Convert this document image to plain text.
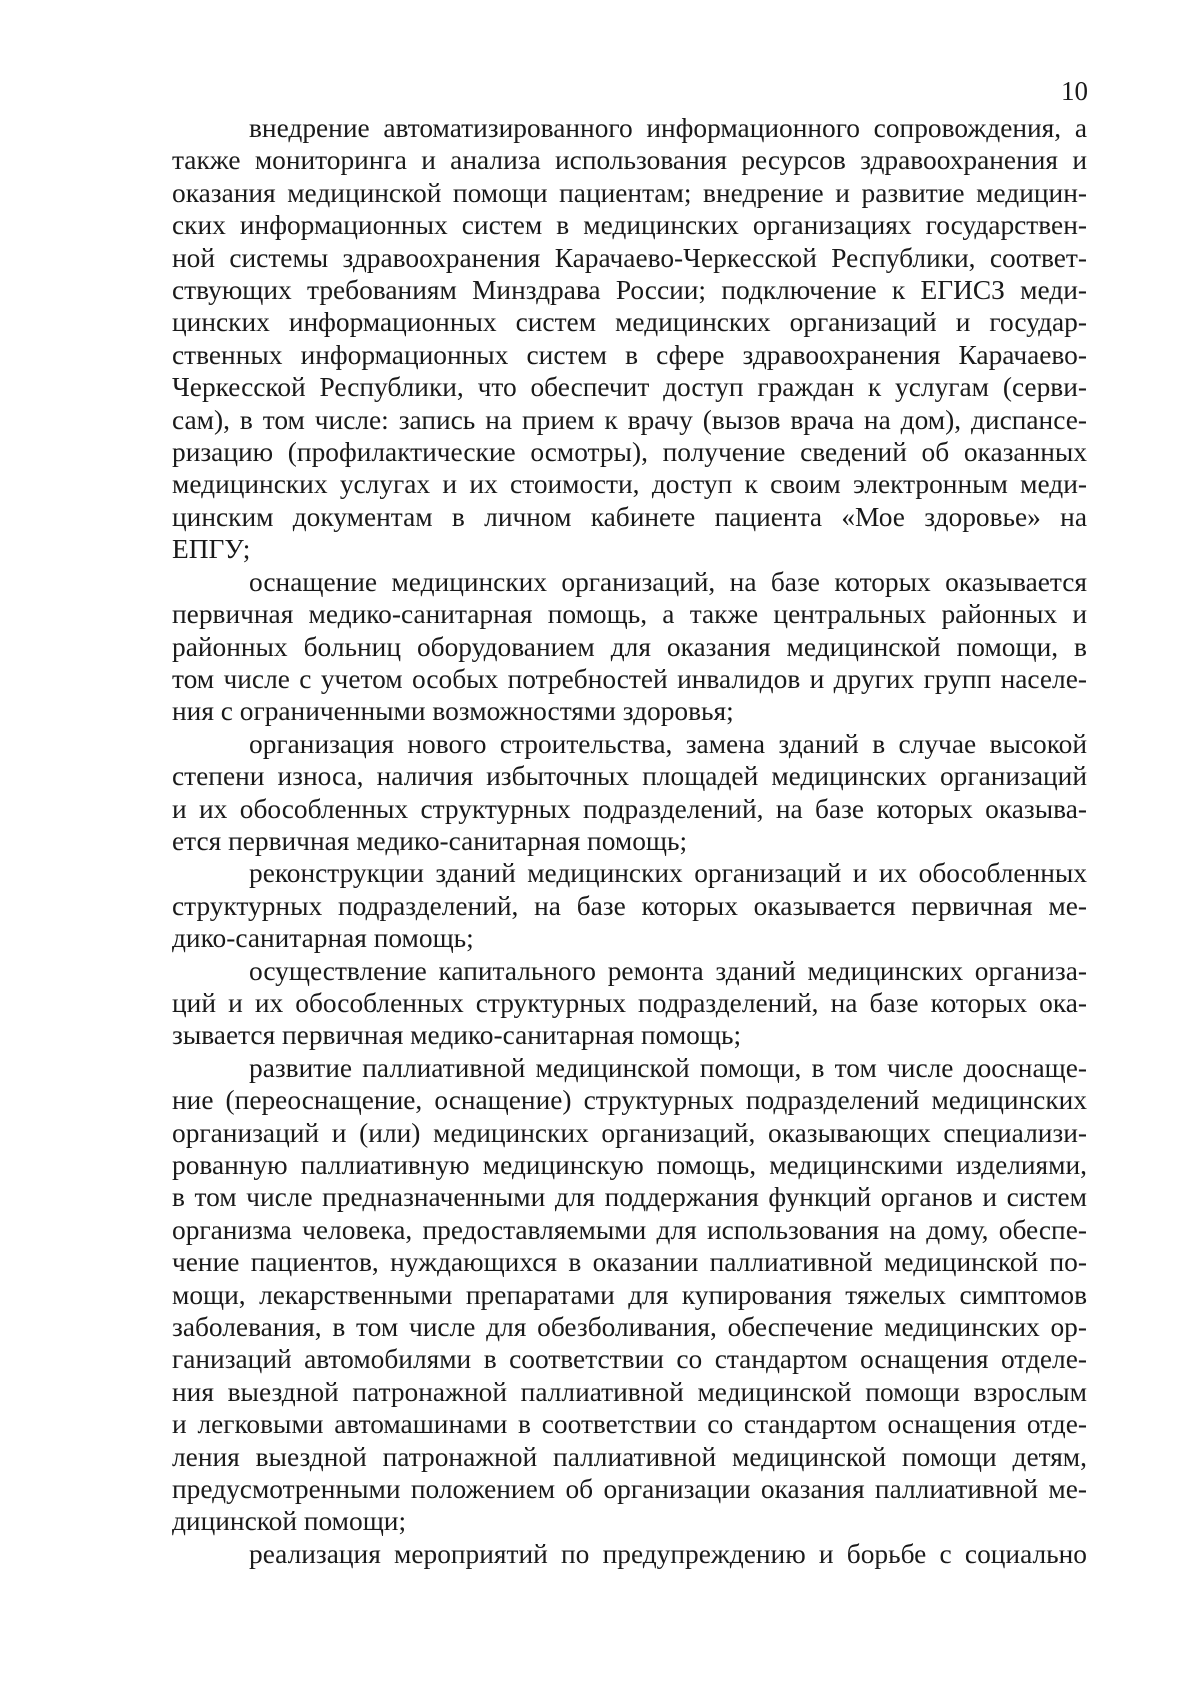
10
внедрение автоматизированного информационного сопровождения, а
также мониторинга и анализа использования ресурсов здравоохранения и
оказания медицинской помощи пациентам; внедрение и развитие медицин-
ских информационных систем в медицинских организациях государствен-
ной системы здравоохранения Карачаево-Черкесской Республики, соответ-
ствующих требованиям Минздрава России; подключение к ЕГИСЗ меди-
цинских информационных систем медицинских организаций и государ-
ственных информационных систем в сфере здравоохранения Карачаево-
Черкесской Республики, что обеспечит доступ граждан к услугам (серви-
сам), в том числе: запись на прием к врачу (вызов врача на дом), диспансе-
ризацию (профилактические осмотры), получение сведений об оказанных
медицинских услугах и их стоимости, доступ к своим электронным меди-
цинским документам в личном кабинете пациента «Мое здоровье» на
ЕПГУ;
оснащение медицинских организаций, на базе которых оказывается
первичная медико-санитарная помощь, а также центральных районных и
районных больниц оборудованием для оказания медицинской помощи, в
том числе с учетом особых потребностей инвалидов и других групп населе-
ния с ограниченными возможностями здоровья;
организация нового строительства, замена зданий в случае высокой
степени износа, наличия избыточных площадей медицинских организаций
и их обособленных структурных подразделений, на базе которых оказыва-
ется первичная медико-санитарная помощь;
реконструкции зданий медицинских организаций и их обособленных
структурных подразделений, на базе которых оказывается первичная ме-
дико-санитарная помощь;
осуществление капитального ремонта зданий медицинских организа-
ций и их обособленных структурных подразделений, на базе которых ока-
зывается первичная медико-санитарная помощь;
развитие паллиативной медицинской помощи, в том числе дооснаще-
ние (переоснащение, оснащение) структурных подразделений медицинских
организаций и (или) медицинских организаций, оказывающих специализи-
рованную паллиативную медицинскую помощь, медицинскими изделиями,
в том числе предназначенными для поддержания функций органов и систем
организма человека, предоставляемыми для использования на дому, обеспе-
чение пациентов, нуждающихся в оказании паллиативной медицинской по-
мощи, лекарственными препаратами для купирования тяжелых симптомов
заболевания, в том числе для обезболивания, обеспечение медицинских ор-
ганизаций автомобилями в соответствии со стандартом оснащения отделе-
ния выездной патронажной паллиативной медицинской помощи взрослым
и легковыми автомашинами в соответствии со стандартом оснащения отде-
ления выездной патронажной паллиативной медицинской помощи детям,
предусмотренными положением об организации оказания паллиативной ме-
дицинской помощи;
реализация мероприятий по предупреждению и борьбе с социально
